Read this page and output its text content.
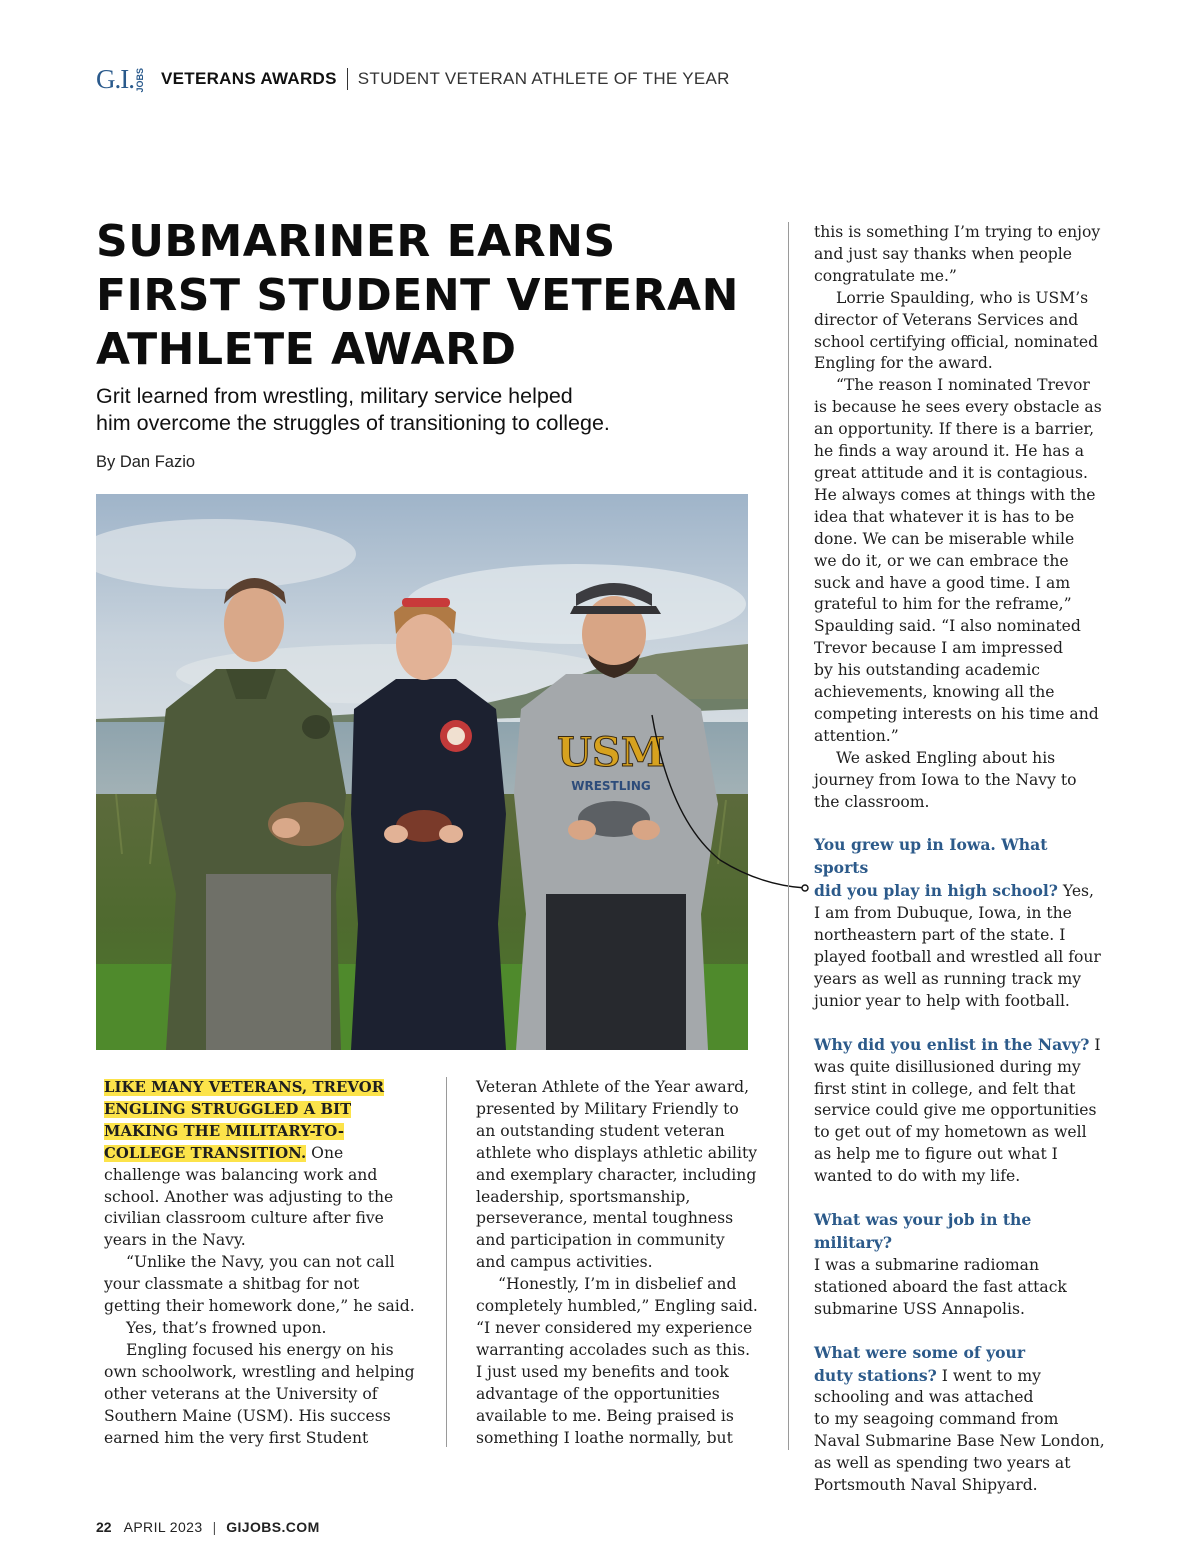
G.I. JOBS VETERANS AWARDS STUDENT VETERAN ATHLETE OF THE YEAR
SUBMARINER EARNS
FIRST STUDENT VETERAN
ATHLETE AWARD

Grit learned from wrestling, military service helped
him overcome the struggles of transitioning to college.

By Dan Fazio
USM
WRESTLING

LIKE MANY VETERANS, TREVOR
ENGLING STRUGGLED A BIT
MAKING THE MILITARY-TO-
COLLEGE TRANSITION. One
challenge was balancing work and
school. Another was adjusting to the
civilian classroom culture after five
years in the Navy.

“Unlike the Navy, you can not call
your classmate a shitbag for not
getting their homework done,” he said.

Yes, that’s frowned upon.

Engling focused his energy on his
own schoolwork, wrestling and helping
other veterans at the University of
Southern Maine (USM). His success
earned him the very first Student

Veteran Athlete of the Year award,
presented by Military Friendly to
an outstanding student veteran
athlete who displays athletic ability
and exemplary character, including
leadership, sportsmanship,
perseverance, mental toughness
and participation in community
and campus activities.

“Honestly, I’m in disbelief and
completely humbled,” Engling said.
“I never considered my experience
warranting accolades such as this.
I just used my benefits and took
advantage of the opportunities
available to me. Being praised is
something I loathe normally, but

this is something I’m trying to enjoy
and just say thanks when people
congratulate me.”

Lorrie Spaulding, who is USM’s
director of Veterans Services and
school certifying official, nominated
Engling for the award.

“The reason I nominated Trevor
is because he sees every obstacle as
an opportunity. If there is a barrier,
he finds a way around it. He has a
great attitude and it is contagious.
He always comes at things with the
idea that whatever it is has to be
done. We can be miserable while
we do it, or we can embrace the
suck and have a good time. I am
grateful to him for the reframe,”
Spaulding said. “I also nominated
Trevor because I am impressed
by his outstanding academic
achievements, knowing all the
competing interests on his time and
attention.”

We asked Engling about his
journey from Iowa to the Navy to
the classroom.

You grew up in Iowa. What sports
did you play in high school? Yes,
I am from Dubuque, Iowa, in the
northeastern part of the state. I
played football and wrestled all four
years as well as running track my
junior year to help with football.

Why did you enlist in the Navy? I
was quite disillusioned during my
first stint in college, and felt that
service could give me opportunities
to get out of my hometown as well
as help me to figure out what I
wanted to do with my life.

What was your job in the military?
I was a submarine radioman
stationed aboard the fast attack
submarine USS Annapolis.

What were some of your
duty stations? I went to my
schooling and was attached
to my seagoing command from
Naval Submarine Base New London,
as well as spending two years at
Portsmouth Naval Shipyard.

22 APRIL 2023 | GIJOBS.COM
